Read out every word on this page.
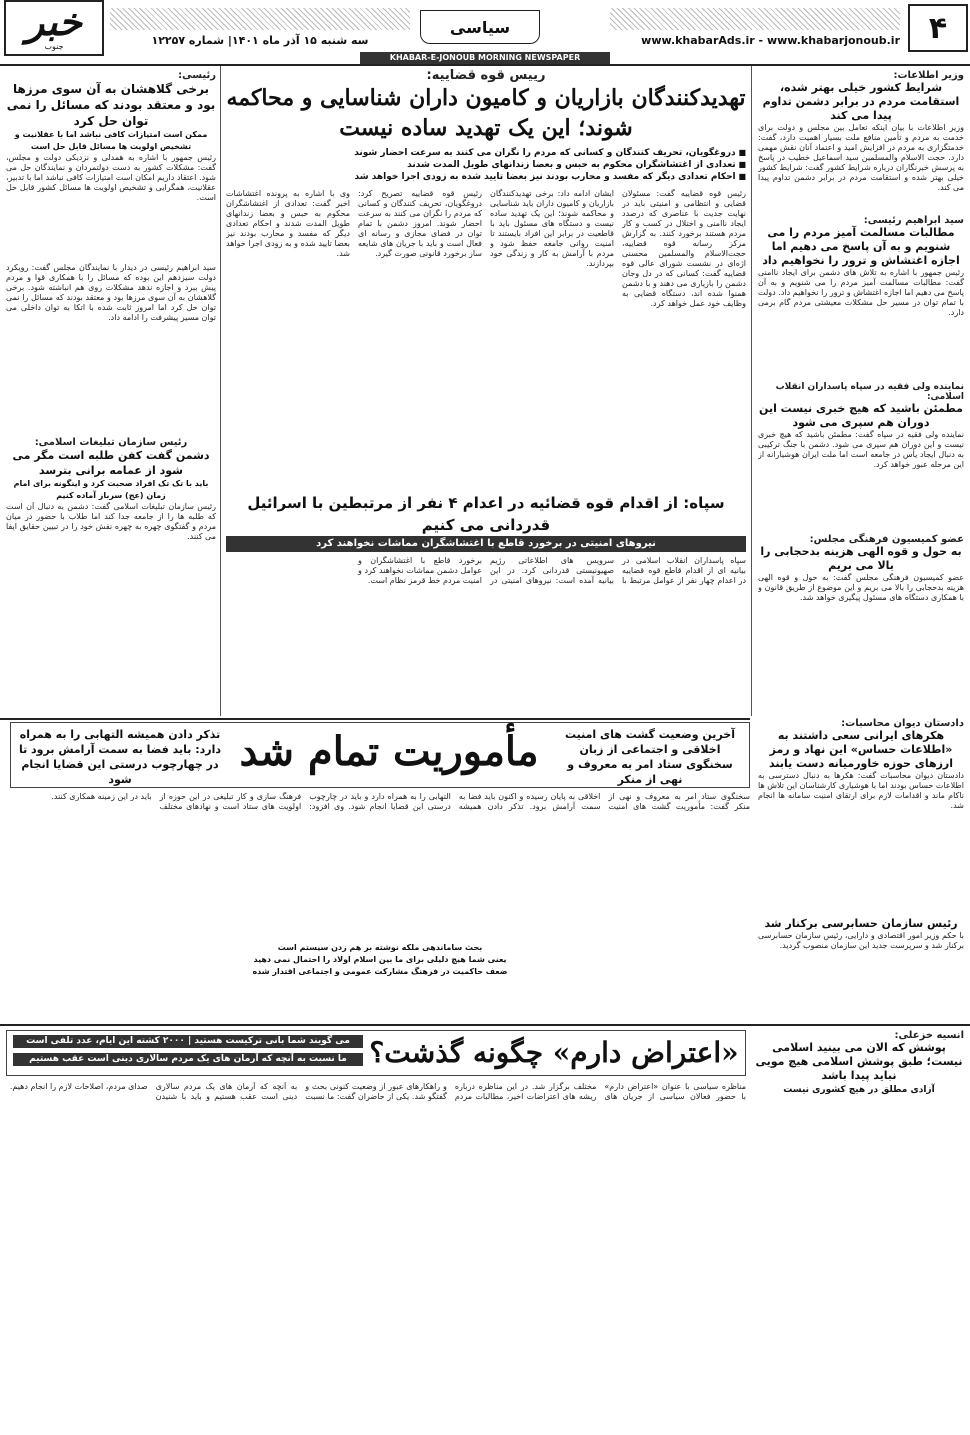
۴
www.khabarAds.ir - www.khabarjonoub.ir
سیاسی
سه شنبه ۱۵ آذر ماه ۱۴۰۱| شماره ۱۲۲۵۷
خبر
جنوب
KHABAR-E-JONOUB MORNING NEWSPAPER
وزیر اطلاعات:
شرایط کشور خیلی بهتر شده، استقامت مردم در برابر دشمن تداوم پیدا می کند
وزیر اطلاعات با بیان اینکه تعامل بین مجلس و دولت برای خدمت به مردم و تأمین منافع ملت بسیار اهمیت دارد، گفت: خدمتگزاری به مردم در افزایش امید و اعتماد آنان نقش مهمی دارد. حجت الاسلام والمسلمین سید اسماعیل خطیب در پاسخ به پرسش خبرنگاران درباره شرایط کشور گفت: شرایط کشور خیلی بهتر شده و استقامت مردم در برابر دشمن تداوم پیدا می کند.
سید ابراهیم رئیسی:
مطالبات مسالمت آمیز مردم را می شنویم و به آن پاسخ می دهیم اما اجازه اغتشاش و ترور را نخواهیم داد
رئیس جمهور با اشاره به تلاش های دشمن برای ایجاد ناامنی گفت: مطالبات مسالمت آمیز مردم را می شنویم و به آن پاسخ می دهیم اما اجازه اغتشاش و ترور را نخواهیم داد. دولت با تمام توان در مسیر حل مشکلات معیشتی مردم گام برمی دارد.
نماینده ولی فقیه در سپاه پاسداران انقلاب اسلامی:
مطمئن باشید که هیچ خبری نیست این دوران هم سپری می شود
نماینده ولی فقیه در سپاه گفت: مطمئن باشید که هیچ خبری نیست و این دوران هم سپری می شود. دشمن با جنگ ترکیبی به دنبال ایجاد یأس در جامعه است اما ملت ایران هوشیارانه از این مرحله عبور خواهد کرد.
عضو کمیسیون فرهنگی مجلس:
به حول و قوه الهی هزینه بدحجابی را بالا می بریم
عضو کمیسیون فرهنگی مجلس گفت: به حول و قوه الهی هزینه بدحجابی را بالا می بریم و این موضوع از طریق قانون و با همکاری دستگاه های مسئول پیگیری خواهد شد.
رییس قوه قضاییه:
تهدیدکنندگان بازاریان و کامیون داران شناسایی و محاکمه شوند؛ این یک تهدید ساده نیست
■ دروغگویان، تحریف کنندگان و کسانی که مردم را نگران می کنند به سرعت احضار شوند
■ تعدادی از اغتشاشگران محکوم به حبس و بعضا زندانهای طویل المدت شدند
■ احکام تعدادی دیگر که مفسد و محارب بودند نیز بعضا تایید شده به زودی اجرا خواهد شد
رئیس قوه قضاییه گفت: مسئولان قضایی و انتظامی و امنیتی باید در نهایت جدیت با عناصری که درصدد ایجاد ناامنی و اختلال در کسب و کار مردم هستند برخورد کنند. به گزارش مرکز رسانه قوه قضاییه، حجت‌الاسلام والمسلمین محسنی اژه‌ای در نشست شورای عالی قوه قضاییه گفت: کسانی که در دل وجان دشمن را بازیاری می دهند و با دشمن همنوا شده اند، دستگاه قضایی به وظایف خود عمل خواهد کرد.
ایشان ادامه داد: برخی تهدیدکنندگان بازاریان و کامیون داران باید شناسایی و محاکمه شوند؛ این یک تهدید ساده نیست و دستگاه های مسئول باید با قاطعیت در برابر این افراد بایستند تا امنیت روانی جامعه حفظ شود و مردم با آرامش به کار و زندگی خود بپردازند.
رئیس قوه قضاییه تصریح کرد: دروغگویان، تحریف کنندگان و کسانی که مردم را نگران می کنند به سرعت احضار شوند. امروز دشمن با تمام توان در فضای مجازی و رسانه ای فعال است و باید با جریان های شایعه ساز برخورد قانونی صورت گیرد.
وی با اشاره به پرونده اغتشاشات اخیر گفت: تعدادی از اغتشاشگران محکوم به حبس و بعضا زندانهای طویل المدت شدند و احکام تعدادی دیگر که مفسد و محارب بودند نیز بعضا تایید شده و به زودی اجرا خواهد شد.
رئیسی:
برخی گلاهشان به آن سوی مرزها بود و معتقد بودند که مسائل را نمی توان حل کرد
ممکن است امتیازات کافی نباشد اما با عقلانیت و تشخیص اولویت ها مسائل قابل حل است
رئیس جمهور با اشاره به همدلی و نزدیکی دولت و مجلس، گفت: مشکلات کشور به دست دولتمردان و نمایندگان حل می شود. اعتقاد داریم امکان است امتیازات کافی نباشد اما با تدبیر، عقلانیت، همگرایی و تشخیص اولویت ها مسائل کشور قابل حل است.
سید ابراهیم رئیسی در دیدار با نمایندگان مجلس گفت: رویکرد دولت سیزدهم این بوده که مسائل را با همکاری قوا و مردم پیش ببرد و اجازه ندهد مشکلات روی هم انباشته شود. برخی گلاهشان به آن سوی مرزها بود و معتقد بودند که مسائل را نمی توان حل کرد اما امروز ثابت شده با اتکا به توان داخلی می توان مسیر پیشرفت را ادامه داد.
رئیس سازمان تبلیغات اسلامی:
دشمن گفت کفن طلبه است مگر می شود از عمامه برانی بترسد
باید با تک تک افراد صحبت کرد و اینگونه برای امام زمان (عج) سرباز آماده کنیم
رئیس سازمان تبلیغات اسلامی گفت: دشمن به دنبال آن است که طلبه ها را از جامعه جدا کند اما طلاب با حضور در میان مردم و گفتگوی چهره به چهره نقش خود را در تبیین حقایق ایفا می کنند.
سپاه: از اقدام قوه قضائیه در اعدام ۴ نفر از مرتبطین با اسرائیل قدردانی می کنیم
نیروهای امنیتی در برخورد قاطع با اغتشاشگران مماشات نخواهند کرد
سپاه پاسداران انقلاب اسلامی در بیانیه ای از اقدام قاطع قوه قضاییه در اعدام چهار نفر از عوامل مرتبط با سرویس های اطلاعاتی رژیم صهیونیستی قدردانی کرد. در این بیانیه آمده است: نیروهای امنیتی در برخورد قاطع با اغتشاشگران و عوامل دشمن مماشات نخواهند کرد و امنیت مردم خط قرمز نظام است.
دادستان دیوان محاسبات:
هکرهای ایرانی سعی داشتند به «اطلاعات حساس» این نهاد و رمز ارزهای حوزه خاورمیانه دست یابند
دادستان دیوان محاسبات گفت: هکرها به دنبال دسترسی به اطلاعات حساس بودند اما با هوشیاری کارشناسان این تلاش ها ناکام ماند و اقدامات لازم برای ارتقای امنیت سامانه ها انجام شد.
رئیس سازمان حسابرسی برکنار شد
با حکم وزیر امور اقتصادی و دارایی، رئیس سازمان حسابرسی برکنار شد و سرپرست جدید این سازمان منصوب گردید.
آخرین وضعیت گشت های امنیت اخلاقی و اجتماعی از زبان سخنگوی ستاد امر به معروف و نهی از منکر
مأموریت تمام شد
تذکر دادن همیشه التهابی را به همراه دارد: باید فضا به سمت آرامش برود تا در چهارچوب درستی این قضایا انجام شود
سخنگوی ستاد امر به معروف و نهی از منکر گفت: مأموریت گشت های امنیت اخلاقی به پایان رسیده و اکنون باید فضا به سمت آرامش برود. تذکر دادن همیشه التهابی را به همراه دارد و باید در چارچوب درستی این قضایا انجام شود. وی افزود: فرهنگ سازی و کار تبلیغی در این حوزه از اولویت های ستاد است و نهادهای مختلف باید در این زمینه همکاری کنند.
بحث ساماندهی ملکه نوشته بر هم زدن سیستم است
یعنی شما هیچ دلیلی برای ما بین اسلام اولاد را احتمال نمی دهید
ضعف حاکمیت در فرهنگ مشارکت عمومی و اجتماعی اقتدار شده
«اعتراض دارم» چگونه گذشت؟
می گویند شما بانی ترکیست هستید | ۲۰۰۰ کشته این ایام، عدد تلفی است
ما نسبت به آنچه که آرمان های یک مردم سالاری دینی است عقب هستیم
انسیه خزعلی:
پوشش که الان می بینید اسلامی نیست؛ طبق پوشش اسلامی هیچ مویی نباید پیدا باشد
آزادی مطلق در هیچ کشوری نیست
مناظره سیاسی با عنوان «اعتراض دارم» با حضور فعالان سیاسی از جریان های مختلف برگزار شد. در این مناظره درباره ریشه های اعتراضات اخیر، مطالبات مردم و راهکارهای عبور از وضعیت کنونی بحث و گفتگو شد. یکی از حاضران گفت: ما نسبت به آنچه که آرمان های یک مردم سالاری دینی است عقب هستیم و باید با شنیدن صدای مردم، اصلاحات لازم را انجام دهیم.
